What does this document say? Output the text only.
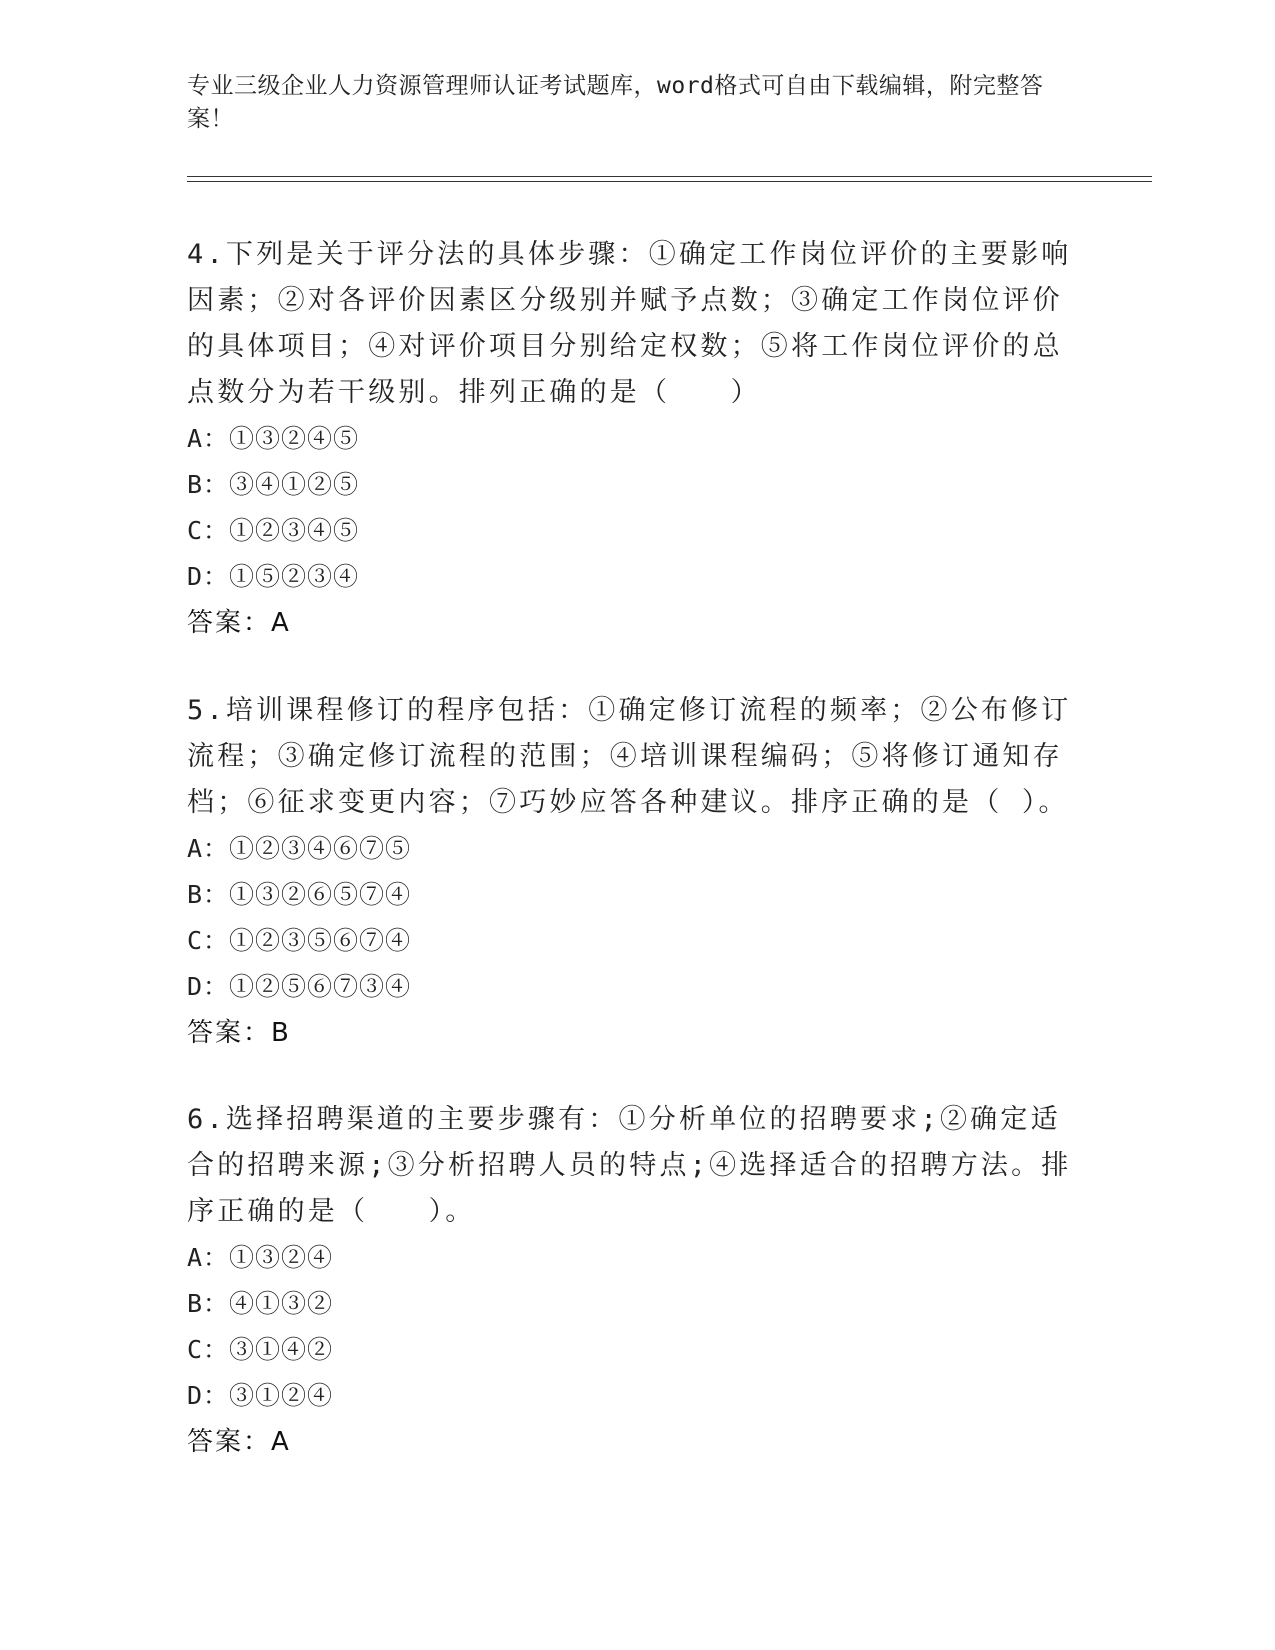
专业三级企业人力资源管理师认证考试题库，word格式可自由下载编辑，附完整答案！
4.下列是关于评分法的具体步骤：①确定工作岗位评价的主要影响因素；②对各评价因素区分级别并赋予点数；③确定工作岗位评价的具体项目；④对评价项目分别给定权数；⑤将工作岗位评价的总点数分为若干级别。排列正确的是（　　）
A：①③②④⑤
B：③④①②⑤
C：①②③④⑤
D：①⑤②③④
答案：A
5.培训课程修订的程序包括：①确定修订流程的频率；②公布修订流程；③确定修订流程的范围；④培训课程编码；⑤将修订通知存档；⑥征求变更内容；⑦巧妙应答各种建议。排序正确的是（ ）。
A：①②③④⑥⑦⑤
B：①③②⑥⑤⑦④
C：①②③⑤⑥⑦④
D：①②⑤⑥⑦③④
答案：B
6.选择招聘渠道的主要步骤有：①分析单位的招聘要求;②确定适合的招聘来源;③分析招聘人员的特点;④选择适合的招聘方法。排序正确的是（　　）。
A：①③②④
B：④①③②
C：③①④②
D：③①②④
答案：A
